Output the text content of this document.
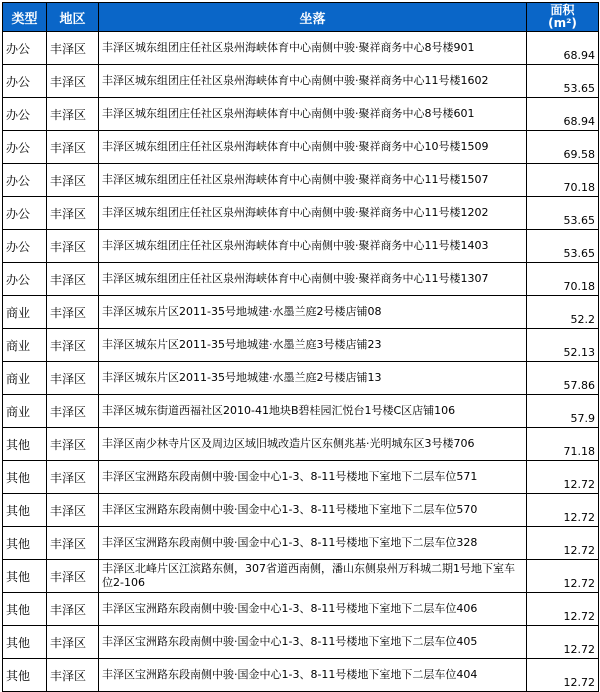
类型	地区	坐落	面积
(m²)

办公	丰泽区	丰泽区城东组团庄任社区泉州海峡体育中心南侧中骏·聚祥商务中心8号楼901	68.94
办公	丰泽区	丰泽区城东组团庄任社区泉州海峡体育中心南侧中骏·聚祥商务中心11号楼1602	53.65
办公	丰泽区	丰泽区城东组团庄任社区泉州海峡体育中心南侧中骏·聚祥商务中心8号楼601	68.94
办公	丰泽区	丰泽区城东组团庄任社区泉州海峡体育中心南侧中骏·聚祥商务中心10号楼1509	69.58
办公	丰泽区	丰泽区城东组团庄任社区泉州海峡体育中心南侧中骏·聚祥商务中心11号楼1507	70.18
办公	丰泽区	丰泽区城东组团庄任社区泉州海峡体育中心南侧中骏·聚祥商务中心11号楼1202	53.65
办公	丰泽区	丰泽区城东组团庄任社区泉州海峡体育中心南侧中骏·聚祥商务中心11号楼1403	53.65
办公	丰泽区	丰泽区城东组团庄任社区泉州海峡体育中心南侧中骏·聚祥商务中心11号楼1307	70.18
商业	丰泽区	丰泽区城东片区2011-35号地城建·水墨兰庭2号楼店铺08	52.2
商业	丰泽区	丰泽区城东片区2011-35号地城建·水墨兰庭3号楼店铺23	52.13
商业	丰泽区	丰泽区城东片区2011-35号地城建·水墨兰庭2号楼店铺13	57.86
商业	丰泽区	丰泽区城东街道西福社区2010-41地块B碧桂园汇悦台1号楼C区店铺106	57.9
其他	丰泽区	丰泽区南少林寺片区及周边区域旧城改造片区东侧兆基·光明城东区3号楼706	71.18
其他	丰泽区	丰泽区宝洲路东段南侧中骏·国金中心1-3、8-11号楼地下室地下二层车位571	12.72
其他	丰泽区	丰泽区宝洲路东段南侧中骏·国金中心1-3、8-11号楼地下室地下二层车位570	12.72
其他	丰泽区	丰泽区宝洲路东段南侧中骏·国金中心1-3、8-11号楼地下室地下二层车位328	12.72
其他	丰泽区	丰泽区北峰片区江滨路东侧，307省道西南侧，潘山东侧泉州万科城二期1号地下室车位2-106	12.72
其他	丰泽区	丰泽区宝洲路东段南侧中骏·国金中心1-3、8-11号楼地下室地下二层车位406	12.72
其他	丰泽区	丰泽区宝洲路东段南侧中骏·国金中心1-3、8-11号楼地下室地下二层车位405	12.72
其他	丰泽区	丰泽区宝洲路东段南侧中骏·国金中心1-3、8-11号楼地下室地下二层车位404	12.72
